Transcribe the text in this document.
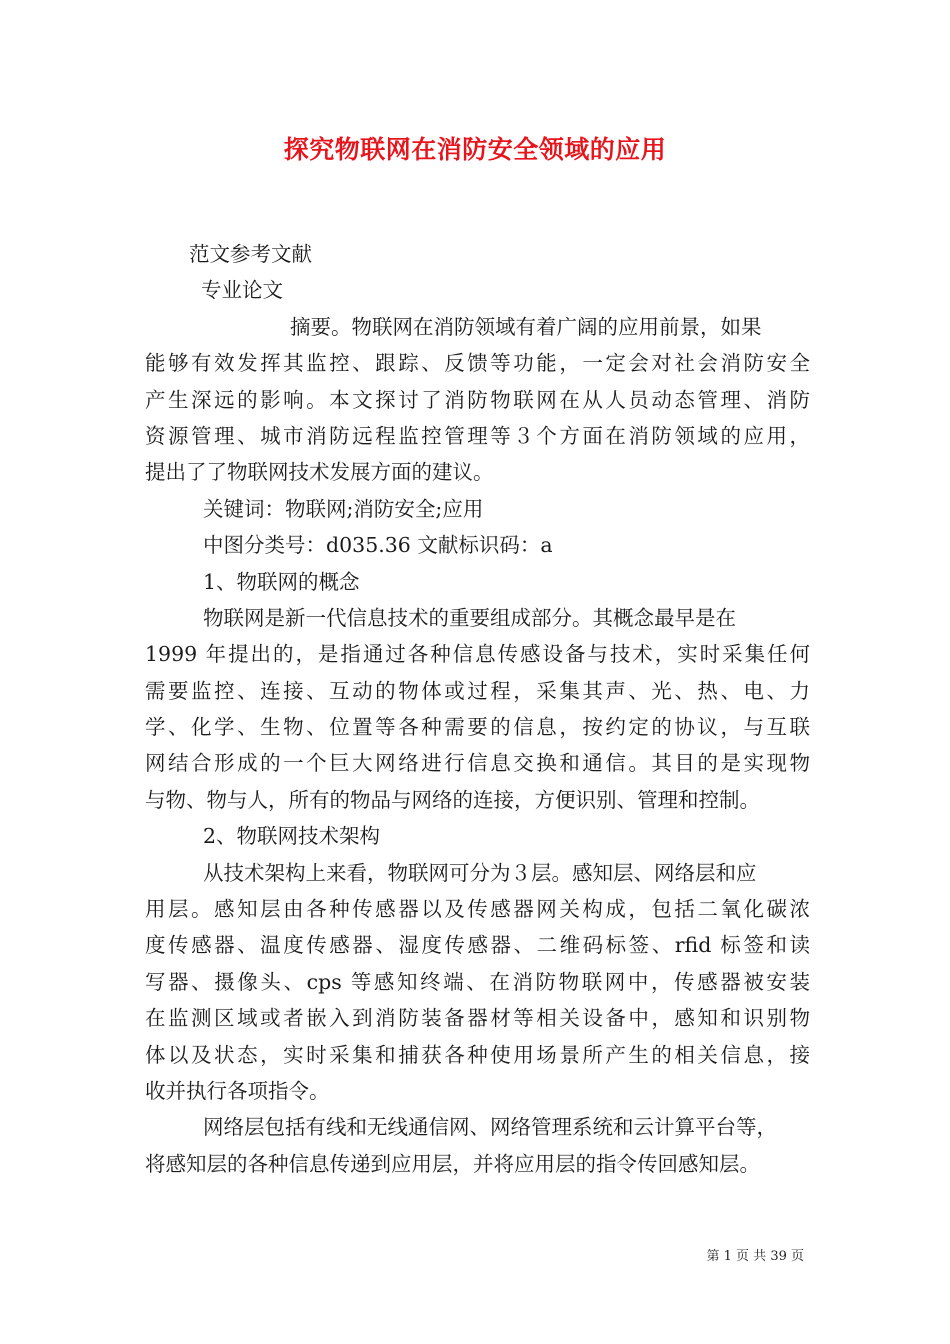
探究物联网在消防安全领域的应用
范文参考文献
专业论文
摘要。物联网在消防领域有着广阔的应用前景，如果
能够有效发挥其监控、跟踪、反馈等功能，一定会对社会消防安全
产生深远的影响。本文探讨了消防物联网在从人员动态管理、消防
资源管理、城市消防远程监控管理等３个方面在消防领域的应用，
提出了了物联网技术发展方面的建议。
关键词：物联网;消防安全;应用
中图分类号：d035.36 文献标识码：a
1、物联网的概念
物联网是新一代信息技术的重要组成部分。其概念最早是在
1999 年提出的，是指通过各种信息传感设备与技术，实时采集任何
需要监控、连接、互动的物体或过程，采集其声、光、热、电、力
学、化学、生物、位置等各种需要的信息，按约定的协议，与互联
网结合形成的一个巨大网络进行信息交换和通信。其目的是实现物
与物、物与人，所有的物品与网络的连接，方便识别、管理和控制。
2、物联网技术架构
从技术架构上来看，物联网可分为３层。感知层、网络层和应
用层。感知层由各种传感器以及传感器网关构成，包括二氧化碳浓
度传感器、温度传感器、湿度传感器、二维码标签、rfid 标签和读
写器、摄像头、cps 等感知终端、在消防物联网中，传感器被安装
在监测区域或者嵌入到消防装备器材等相关设备中，感知和识别物
体以及状态，实时采集和捕获各种使用场景所产生的相关信息，接
收并执行各项指令。
网络层包括有线和无线通信网、网络管理系统和云计算平台等，
将感知层的各种信息传递到应用层，并将应用层的指令传回感知层。
第 1 页 共 39 页
